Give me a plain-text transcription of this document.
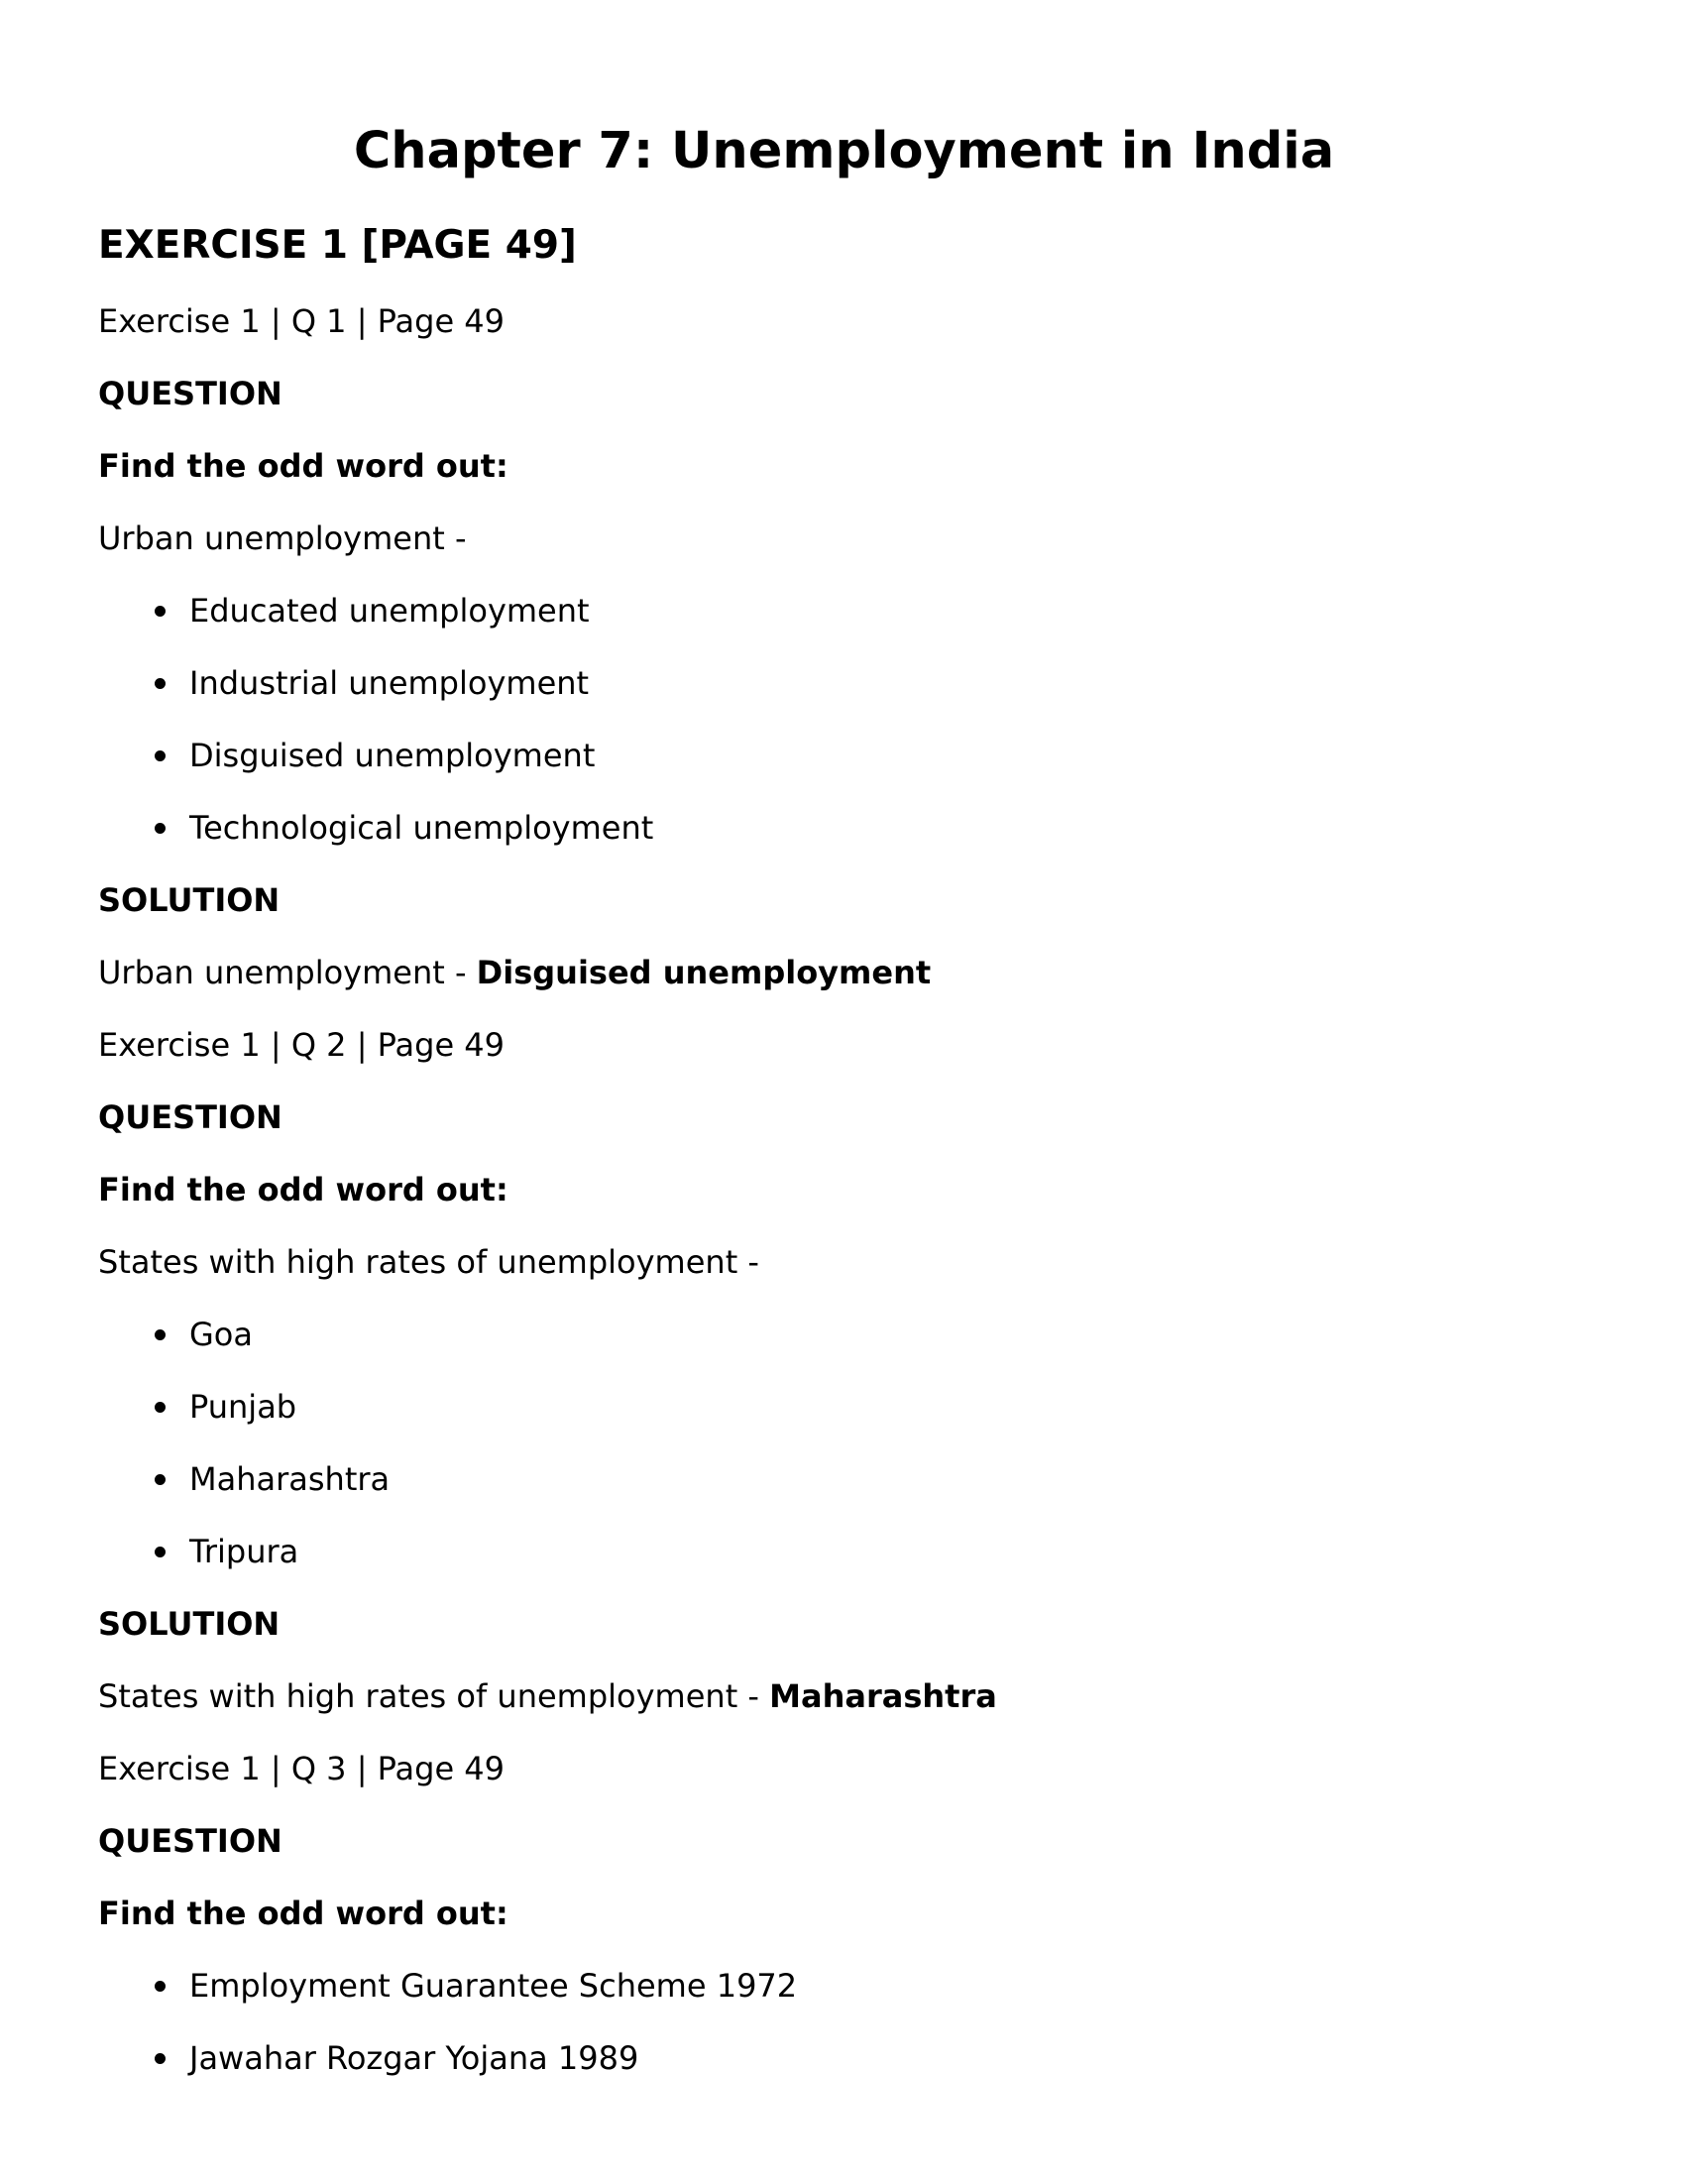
Chapter 7: Unemployment in India
EXERCISE 1 [PAGE 49]

Exercise 1 | Q 1 | Page 49

QUESTION

Find the odd word out:

Urban unemployment -

Educated unemployment
Industrial unemployment
Disguised unemployment
Technological unemployment

SOLUTION

Urban unemployment - Disguised unemployment

Exercise 1 | Q 2 | Page 49

QUESTION

Find the odd word out:

States with high rates of unemployment -

Goa
Punjab
Maharashtra
Tripura

SOLUTION

States with high rates of unemployment - Maharashtra

Exercise 1 | Q 3 | Page 49

QUESTION

Find the odd word out:

Employment Guarantee Scheme 1972
Jawahar Rozgar Yojana 1989
